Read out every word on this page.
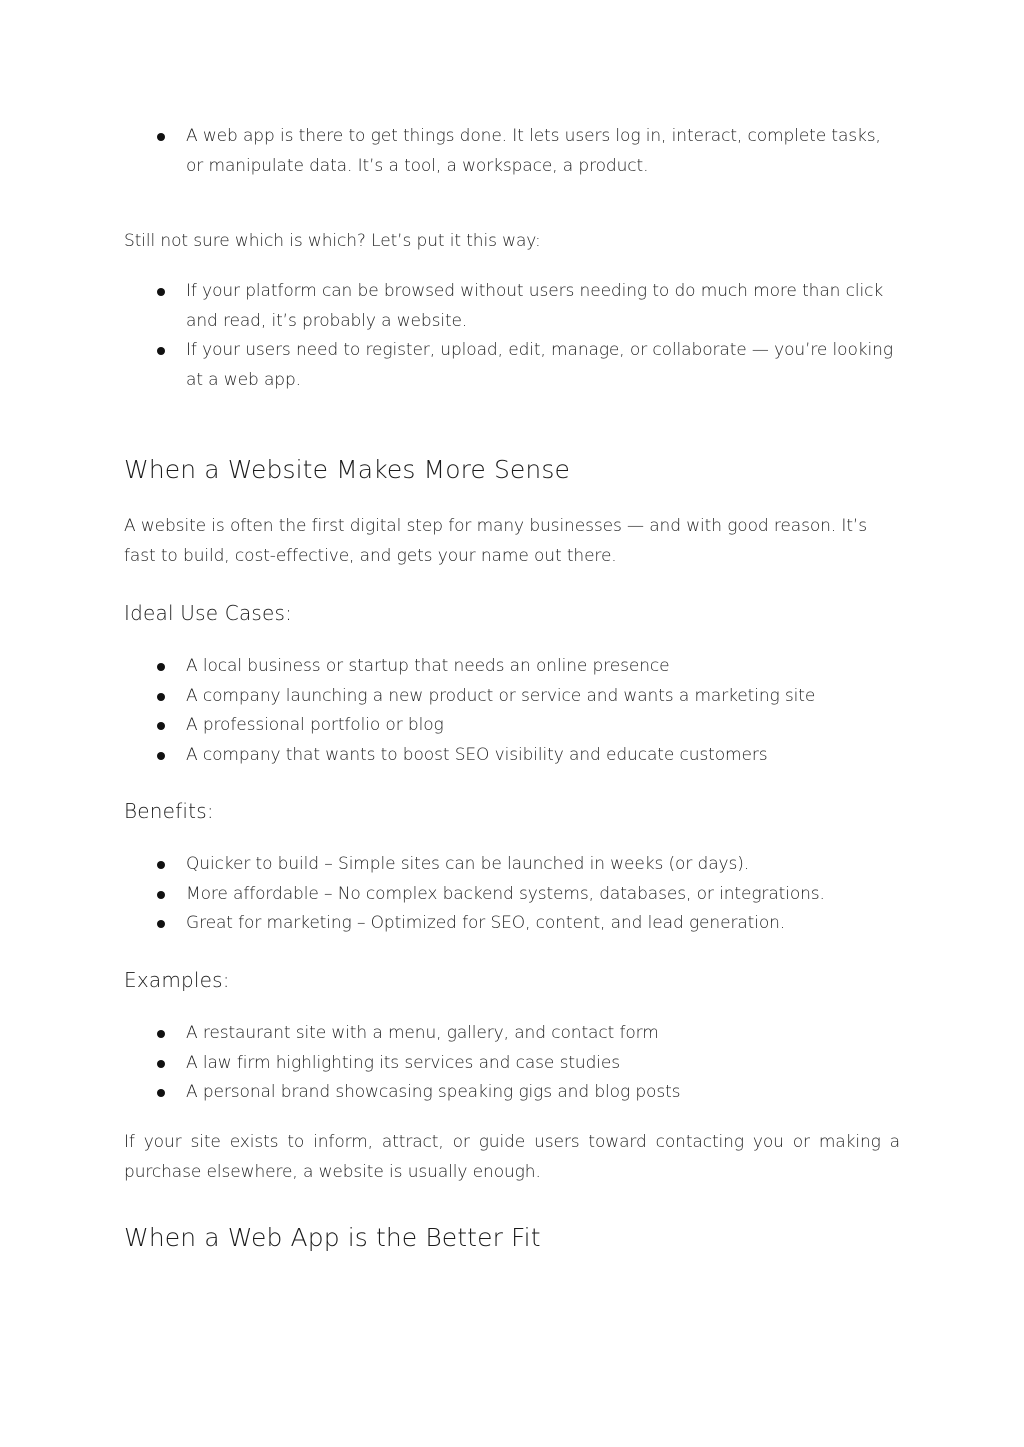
A web app is there to get things done. It lets users log in, interact, complete tasks, or manipulate data. It’s a tool, a workspace, a product.

Still not sure which is which? Let’s put it this way:

If your platform can be browsed without users needing to do much more than click and read, it’s probably a website.
If your users need to register, upload, edit, manage, or collaborate — you’re looking at a web app.
When a Website Makes More Sense

A website is often the first digital step for many businesses — and with good reason. It’s fast to build, cost-effective, and gets your name out there.

Ideal Use Cases:
A local business or startup that needs an online presence
A company launching a new product or service and wants a marketing site
A professional portfolio or blog
A company that wants to boost SEO visibility and educate customers
Benefits:
Quicker to build – Simple sites can be launched in weeks (or days).
More affordable – No complex backend systems, databases, or integrations.
Great for marketing – Optimized for SEO, content, and lead generation.
Examples:
A restaurant site with a menu, gallery, and contact form
A law firm highlighting its services and case studies
A personal brand showcasing speaking gigs and blog posts

If your site exists to inform, attract, or guide users toward contacting you or making a purchase elsewhere, a website is usually enough.

When a Web App is the Better Fit
